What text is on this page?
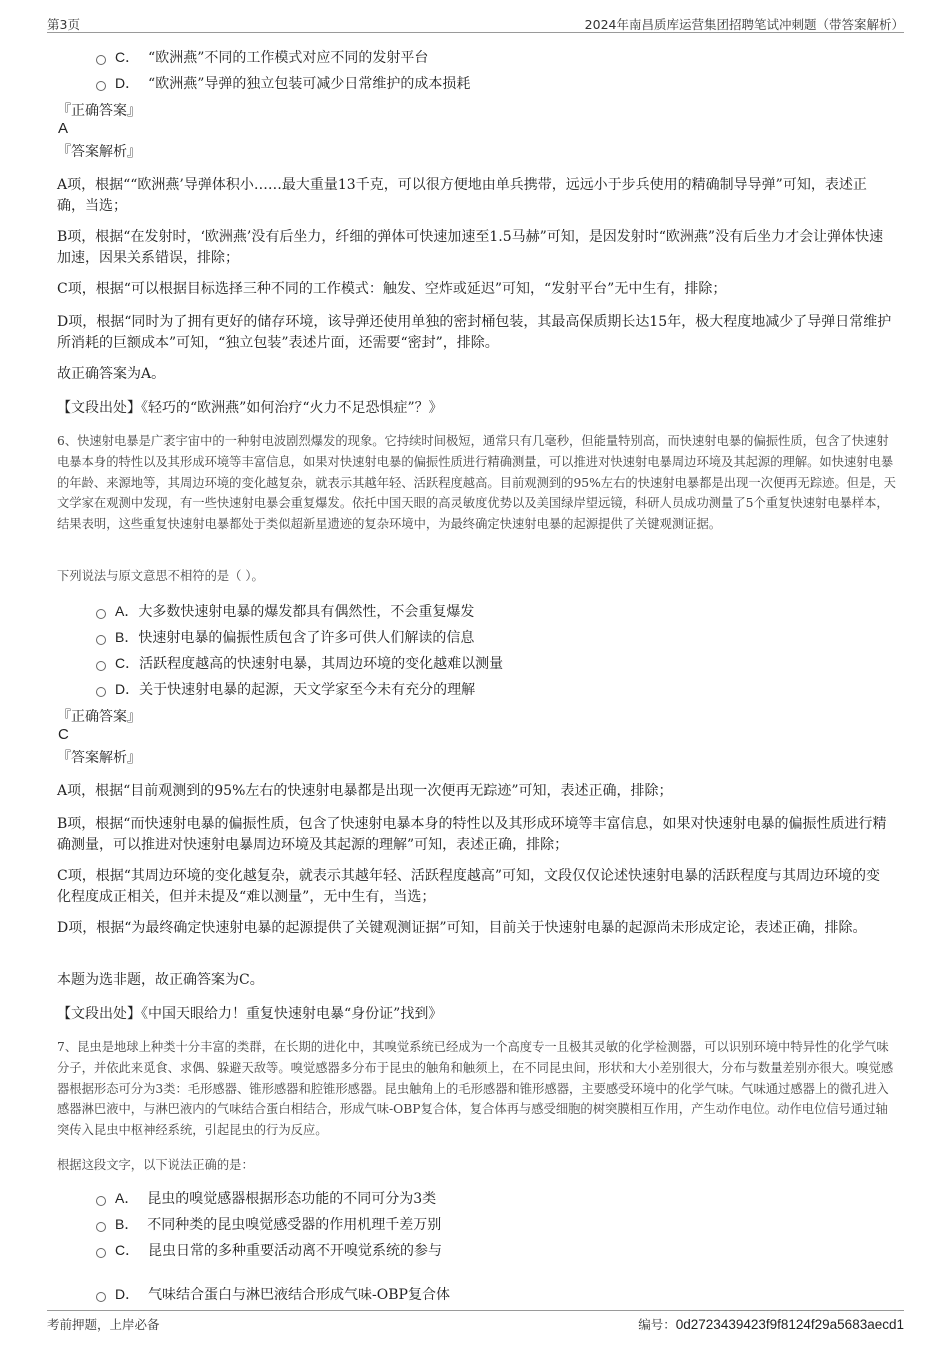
第3页	2024年南昌质库运营集团招聘笔试冲刺题（带答案解析）
C． “欧洲燕”不同的工作模式对应不同的发射平台
D． “欧洲燕”导弹的独立包装可减少日常维护的成本损耗
『正确答案』
A
『答案解析』
A项，根据““欧洲燕’导弹体积小……最大重量13千克，可以很方便地由单兵携带，远远小于步兵使用的精确制导导弹”可知，表述正确，当选；
B项，根据“在发射时，‘欧洲燕’没有后坐力，纤细的弹体可快速加速至1.5马赫”可知，是因发射时“欧洲燕”没有后坐力才会让弹体快速加速，因果关系错误，排除；
C项，根据“可以根据目标选择三种不同的工作模式：触发、空炸或延迟”可知，“发射平台”无中生有，排除；
D项，根据“同时为了拥有更好的储存环境，该导弹还使用单独的密封桶包装，其最高保质期长达15年，极大程度地减少了导弹日常维护所消耗的巨额成本”可知，“独立包装”表述片面，还需要“密封”，排除。
故正确答案为A。
【文段出处】《轻巧的“欧洲燕”如何治疗“火力不足恐惧症”？》
6、快速射电暴是广袤宇宙中的一种射电波剧烈爆发的现象。它持续时间极短，通常只有几毫秒，但能量特别高，而快速射电暴的偏振性质，包含了快速射电暴本身的特性以及其形成环境等丰富信息，如果对快速射电暴的偏振性质进行精确测量，可以推进对快速射电暴周边环境及其起源的理解。如快速射电暴的年龄、来源地等，其周边环境的变化越复杂，就表示其越年轻、活跃程度越高。目前观测到的95%左右的快速射电暴都是出现一次便再无踪迹。但是，天文学家在观测中发现，有一些快速射电暴会重复爆发。依托中国天眼的高灵敏度优势以及美国绿岸望远镜，科研人员成功测量了5个重复快速射电暴样本，结果表明，这些重复快速射电暴都处于类似超新星遗迹的复杂环境中，为最终确定快速射电暴的起源提供了关键观测证据。
下列说法与原文意思不相符的是（ ）。
A．大多数快速射电暴的爆发都具有偶然性，不会重复爆发
B．快速射电暴的偏振性质包含了许多可供人们解读的信息
C．活跃程度越高的快速射电暴，其周边环境的变化越难以测量
D．关于快速射电暴的起源，天文学家至今未有充分的理解
『正确答案』
C
『答案解析』
A项，根据“目前观测到的95%左右的快速射电暴都是出现一次便再无踪迹”可知，表述正确，排除；
B项，根据“而快速射电暴的偏振性质，包含了快速射电暴本身的特性以及其形成环境等丰富信息，如果对快速射电暴的偏振性质进行精确测量，可以推进对快速射电暴周边环境及其起源的理解”可知，表述正确，排除；
C项，根据“其周边环境的变化越复杂，就表示其越年轻、活跃程度越高”可知，文段仅仅论述快速射电暴的活跃程度与其周边环境的变化程度成正相关，但并未提及“难以测量”，无中生有，当选；
D项，根据“为最终确定快速射电暴的起源提供了关键观测证据”可知，目前关于快速射电暴的起源尚未形成定论，表述正确，排除。
本题为选非题，故正确答案为C。
【文段出处】《中国天眼给力！重复快速射电暴“身份证”找到》
7、昆虫是地球上种类十分丰富的类群，在长期的进化中，其嗅觉系统已经成为一个高度专一且极其灵敏的化学检测器，可以识别环境中特异性的化学气味分子，并依此来觅食、求偶、躲避天敌等。嗅觉感器多分布于昆虫的触角和触须上，在不同昆虫间，形状和大小差别很大，分布与数量差别亦很大。嗅觉感器根据形态可分为3类：毛形感器、锥形感器和腔锥形感器。昆虫触角上的毛形感器和锥形感器，主要感受环境中的化学气味。气味通过感器上的微孔进入感器淋巴液中，与淋巴液内的气味结合蛋白相结合，形成气味-OBP复合体，复合体再与感受细胞的树突膜相互作用，产生动作电位。动作电位信号通过轴突传入昆虫中枢神经系统，引起昆虫的行为反应。
根据这段文字，以下说法正确的是：
A． 昆虫的嗅觉感器根据形态功能的不同可分为3类
B． 不同种类的昆虫嗅觉感受器的作用机理千差万别
C． 昆虫日常的多种重要活动离不开嗅觉系统的参与
D． 气味结合蛋白与淋巴液结合形成气味-OBP复合体
考前押题，上岸必备	编号：0d2723439423f9f8124f29a5683aecd1
